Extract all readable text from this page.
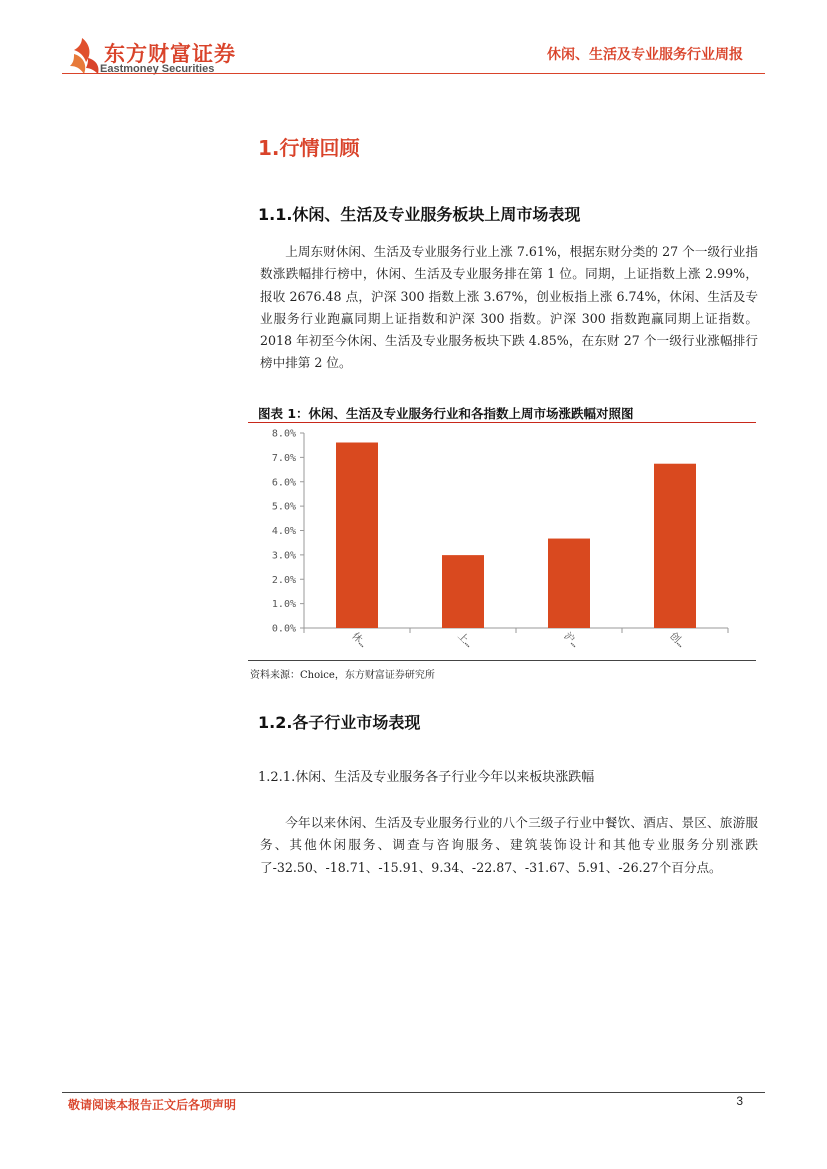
东方财富证券
Eastmoney Securities
休闲、生活及专业服务行业周报
1.行情回顾
1.1.休闲、生活及专业服务板块上周市场表现

上周东财休闲、生活及专业服务行业上涨 7.61%，根据东财分类的 27 个一级行业指数涨跌幅排行榜中，休闲、生活及专业服务排在第 1 位。同期，上证指数上涨 2.99%，报收 2676.48 点，沪深 300 指数上涨 3.67%，创业板指上涨 6.74%，休闲、生活及专业服务行业跑赢同期上证指数和沪深 300 指数。沪深 300 指数跑赢同期上证指数。2018 年初至今休闲、生活及专业服务板块下跌 4.85%，在东财 27 个一级行业涨幅排行榜中排第 2 位。

图表 1：休闲、生活及专业服务行业和各指数上周市场涨跌幅对照图
0.0%
1.0%
2.0%
3.0%
4.0%
5.0%
6.0%
7.0%
8.0%
休…	上…	沪…	创…
资料来源：Choice，东方财富证券研究所
1.2.各子行业市场表现
1.2.1.休闲、生活及专业服务各子行业今年以来板块涨跌幅

今年以来休闲、生活及专业服务行业的八个三级子行业中餐饮、酒店、景区、旅游服务、其他休闲服务、调查与咨询服务、建筑装饰设计和其他专业服务分别涨跌了-32.50、-18.71、-15.91、9.34、-22.87、-31.67、5.91、-26.27个百分点。

敬请阅读本报告正文后各项声明	3
